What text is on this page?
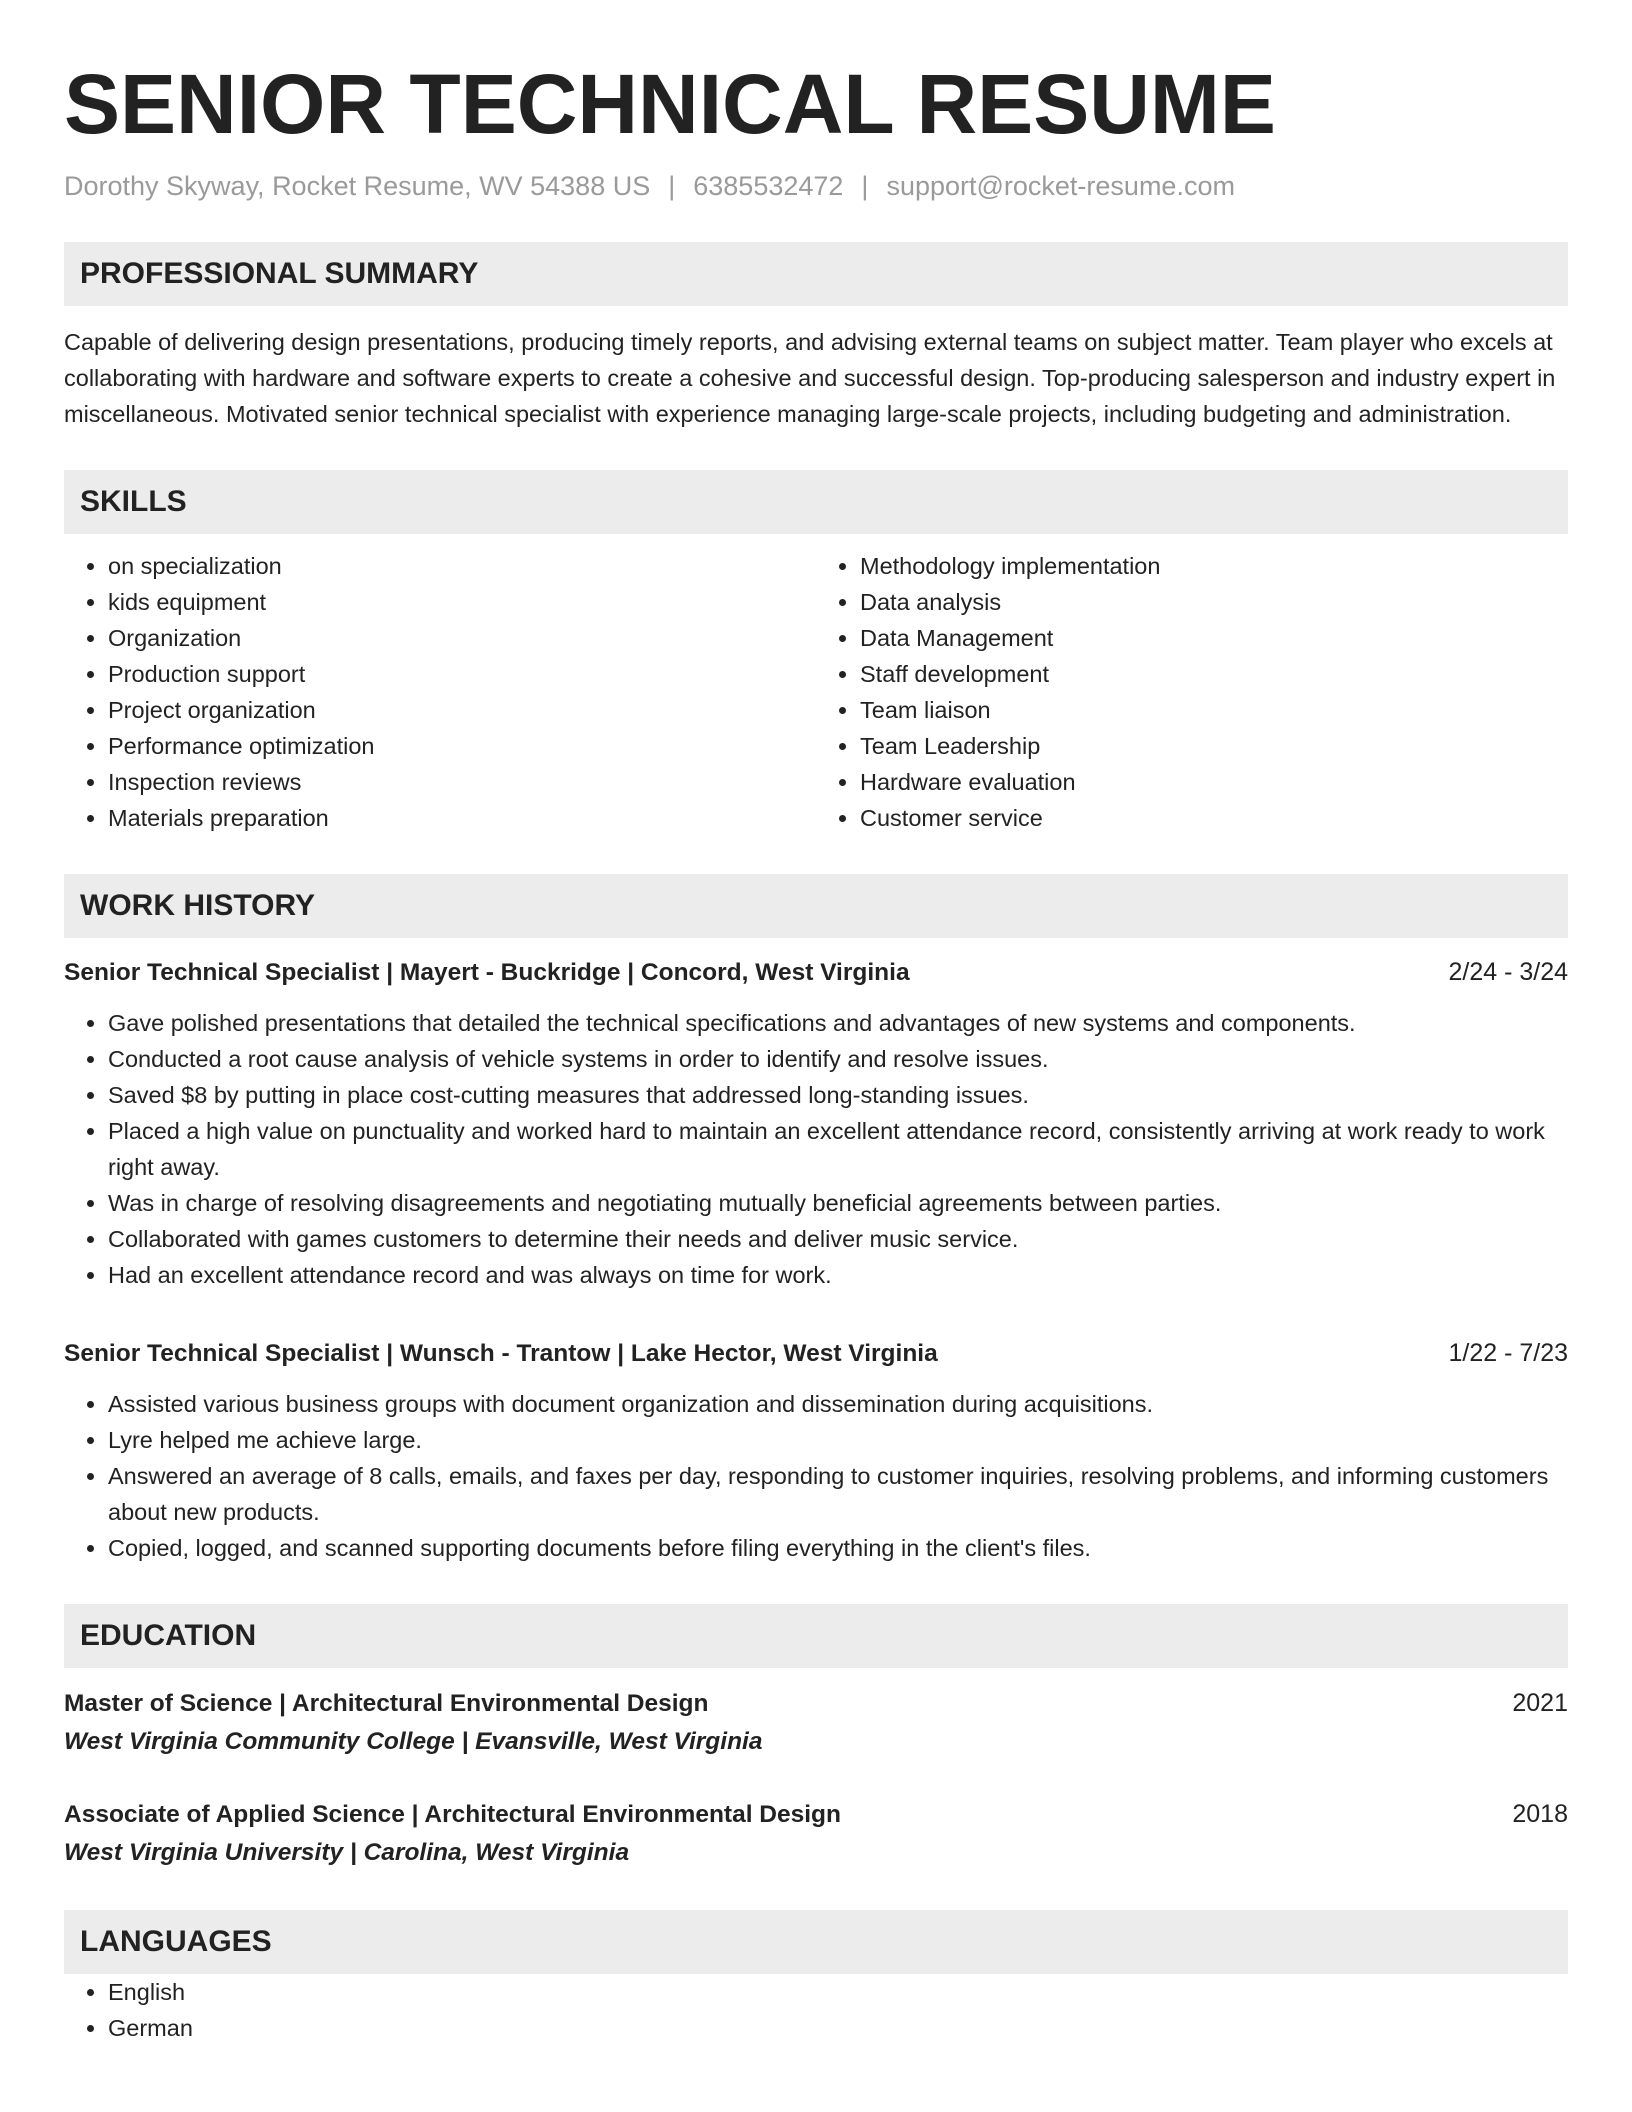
SENIOR TECHNICAL RESUME
Dorothy Skyway, Rocket Resume, WV 54388 US | 6385532472 | support@rocket-resume.com
PROFESSIONAL SUMMARY

Capable of delivering design presentations, producing timely reports, and advising external teams on subject matter. Team player who excels at collaborating with hardware and software experts to create a cohesive and successful design. Top-producing salesperson and industry expert in miscellaneous. Motivated senior technical specialist with experience managing large-scale projects, including budgeting and administration.

SKILLS
• on specialization
• kids equipment
• Organization
• Production support
• Project organization
• Performance optimization
• Inspection reviews
• Materials preparation
• Methodology implementation
• Data analysis
• Data Management
• Staff development
• Team liaison
• Team Leadership
• Hardware evaluation
• Customer service
WORK HISTORY
Senior Technical Specialist | Mayert - Buckridge | Concord, West Virginia	2/24 - 3/24
• Gave polished presentations that detailed the technical specifications and advantages of new systems and components.
• Conducted a root cause analysis of vehicle systems in order to identify and resolve issues.
• Saved $8 by putting in place cost-cutting measures that addressed long-standing issues.
• Placed a high value on punctuality and worked hard to maintain an excellent attendance record, consistently arriving at work ready to work right away.
• Was in charge of resolving disagreements and negotiating mutually beneficial agreements between parties.
• Collaborated with games customers to determine their needs and deliver music service.
• Had an excellent attendance record and was always on time for work.
Senior Technical Specialist | Wunsch - Trantow | Lake Hector, West Virginia	1/22 - 7/23
• Assisted various business groups with document organization and dissemination during acquisitions.
• Lyre helped me achieve large.
• Answered an average of 8 calls, emails, and faxes per day, responding to customer inquiries, resolving problems, and informing customers about new products.
• Copied, logged, and scanned supporting documents before filing everything in the client's files.
EDUCATION
Master of Science | Architectural Environmental Design	2021
West Virginia Community College | Evansville, West Virginia
Associate of Applied Science | Architectural Environmental Design	2018
West Virginia University | Carolina, West Virginia
LANGUAGES
• English
• German
